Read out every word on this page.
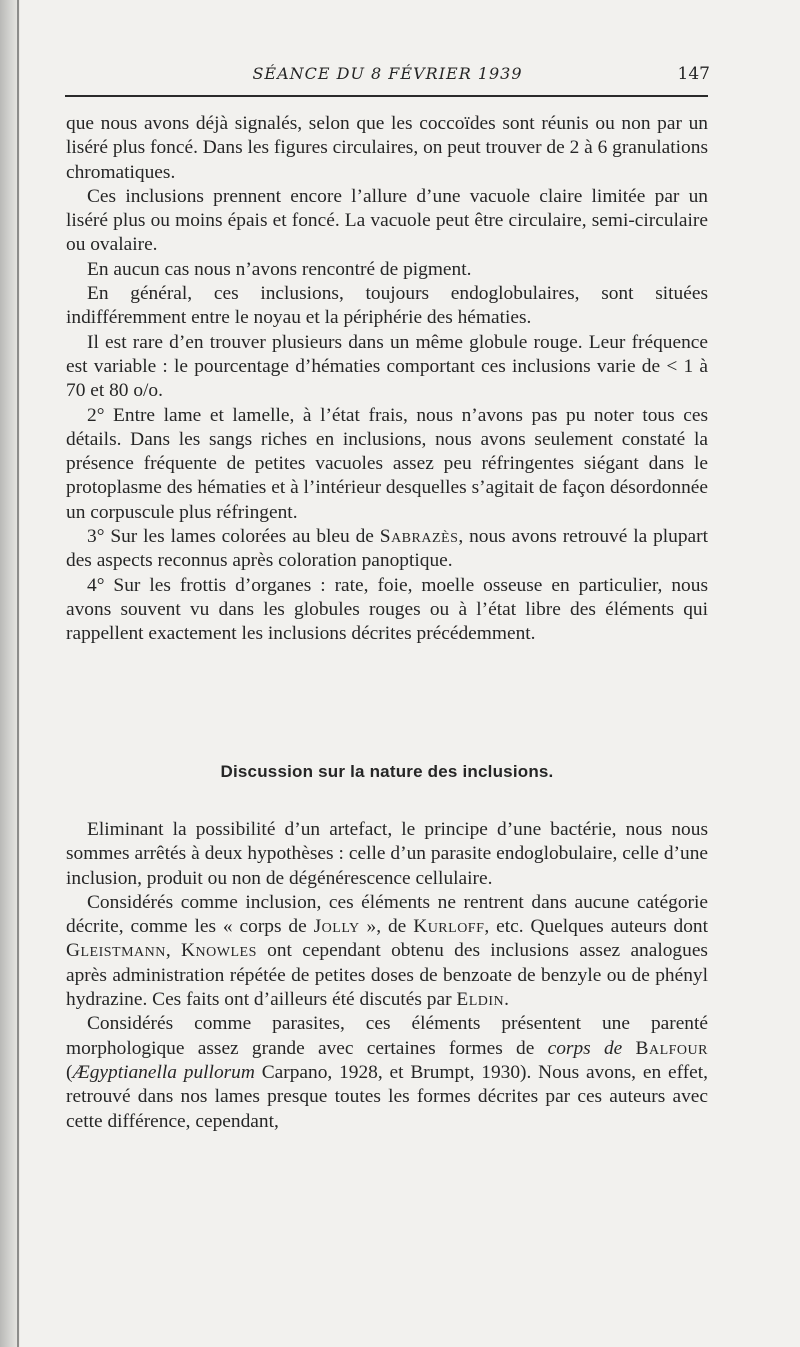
SÉANCE DU 8 FÉVRIER 1939	147

que nous avons déjà signalés, selon que les coccoïdes sont réunis ou non par un liséré plus foncé. Dans les figures circulaires, on peut trouver de 2 à 6 granulations chromatiques.

Ces inclusions prennent encore l’allure d’une vacuole claire limitée par un liséré plus ou moins épais et foncé. La vacuole peut être circulaire, semi-circulaire ou ovalaire.

En aucun cas nous n’avons rencontré de pigment.

En général, ces inclusions, toujours endoglobulaires, sont situées indifféremment entre le noyau et la périphérie des hématies.

Il est rare d’en trouver plusieurs dans un même globule rouge. Leur fréquence est variable : le pourcentage d’hématies comportant ces inclusions varie de < 1 à 70 et 80 o/o.

2° Entre lame et lamelle, à l’état frais, nous n’avons pas pu noter tous ces détails. Dans les sangs riches en inclusions, nous avons seulement constaté la présence fréquente de petites vacuoles assez peu réfringentes siégant dans le protoplasme des hématies et à l’intérieur desquelles s’agitait de façon désordonnée un corpuscule plus réfringent.

3° Sur les lames colorées au bleu de Sabrazès, nous avons retrouvé la plupart des aspects reconnus après coloration panoptique.

4° Sur les frottis d’organes : rate, foie, moelle osseuse en particulier, nous avons souvent vu dans les globules rouges ou à l’état libre des éléments qui rappellent exactement les inclusions décrites précédemment.

Discussion sur la nature des inclusions.

Eliminant la possibilité d’un artefact, le principe d’une bactérie, nous nous sommes arrêtés à deux hypothèses : celle d’un parasite endoglobulaire, celle d’une inclusion, produit ou non de dégénérescence cellulaire.

Considérés comme inclusion, ces éléments ne rentrent dans aucune catégorie décrite, comme les « corps de Jolly », de Kurloff, etc. Quelques auteurs dont Gleistmann, Knowles ont cependant obtenu des inclusions assez analogues après administration répétée de petites doses de benzoate de benzyle ou de phényl hydrazine. Ces faits ont d’ailleurs été discutés par Eldin.

Considérés comme parasites, ces éléments présentent une parenté morphologique assez grande avec certaines formes de corps de Balfour (Ægyptianella pullorum Carpano, 1928, et Brumpt, 1930). Nous avons, en effet, retrouvé dans nos lames presque toutes les formes décrites par ces auteurs avec cette différence, cependant,
